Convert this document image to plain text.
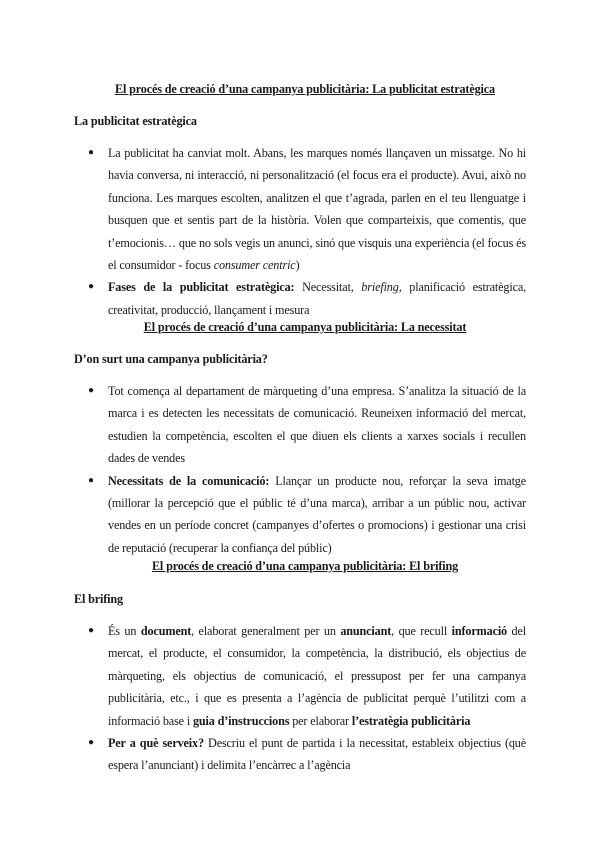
El procés de creació d’una campanya publicitària: La publicitat estratègica
La publicitat estratègica
● La publicitat ha canviat molt. Abans, les marques només llançaven un missatge. No hi havia conversa, ni interacció, ni personalització (el focus era el producte). Avui, això no funciona. Les marques escolten, analitzen el que t’agrada, parlen en el teu llenguatge i busquen que et sentis part de la història. Volen que comparteixis, que comentis, que t’emocionis… que no sols vegis un anunci, sinó que visquis una experiència (el focus és el consumidor - focus consumer centric)
● Fases de la publicitat estratègica: Necessitat, briefing, planificació estratègica, creativitat, producció, llançament i mesura
El procés de creació d’una campanya publicitària: La necessitat
D’on surt una campanya publicitària?
● Tot comença al departament de màrqueting d’una empresa. S’analitza la situació de la marca i es detecten les necessitats de comunicació. Reuneixen informació del mercat, estudien la competència, escolten el que diuen els clients a xarxes socials i recullen dades de vendes
● Necessitats de la comunicació: Llançar un producte nou, reforçar la seva imatge (millorar la percepció que el públic té d’una marca), arribar a un públic nou, activar vendes en un període concret (campanyes d’ofertes o promocions) i gestionar una crisi de reputació (recuperar la confiança del públic)
El procés de creació d’una campanya publicitària: El brifing
El brifing
● És un document, elaborat generalment per un anunciant, que recull informació del mercat, el producte, el consumidor, la competència, la distribució, els objectius de màrqueting, els objectius de comunicació, el pressupost per fer una campanya publicitària, etc., i que es presenta a l’agència de publicitat perquè l’utilitzi com a informació base i guia d’instruccions per elaborar l’estratègia publicitària
● Per a què serveix? Descriu el punt de partida i la necessitat, estableix objectius (què espera l’anunciant) i delimita l’encàrrec a l’agència
